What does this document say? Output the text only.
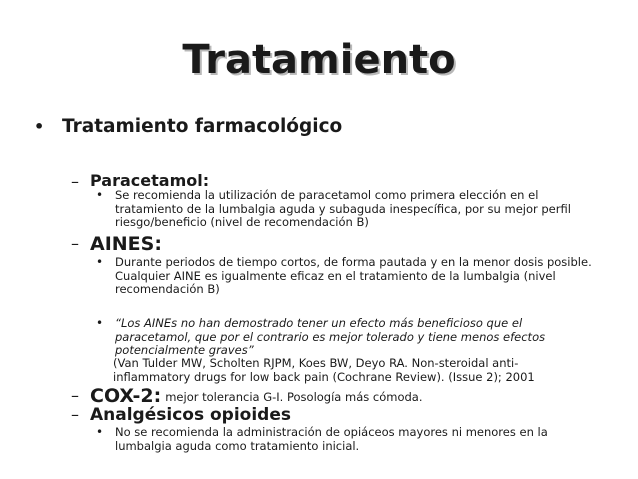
Tratamiento
• Tratamiento farmacológico
– Paracetamol:
• Se recomienda la utilización de paracetamol como primera elección en el tratamiento de la lumbalgia aguda y subaguda inespecífica, por su mejor perfil riesgo/beneficio (nivel de recomendación B)
– AINES:
• Durante periodos de tiempo cortos, de forma pautada y en la menor dosis posible. Cualquier AINE es igualmente eficaz en el tratamiento de la lumbalgia (nivel recomendación B)
• “Los AINEs no han demostrado tener un efecto más beneficioso que el paracetamol, que por el contrario es mejor tolerado y tiene menos efectos potencialmente graves”
(Van Tulder MW, Scholten RJPM, Koes BW, Deyo RA. Non-steroidal anti-inflammatory drugs for low back pain (Cochrane Review). (Issue 2); 2001
– COX-2: mejor tolerancia G-I. Posología más cómoda.
– Analgésicos opioides
• No se recomienda la administración de opiáceos mayores ni menores en la lumbalgia aguda como tratamiento inicial.
